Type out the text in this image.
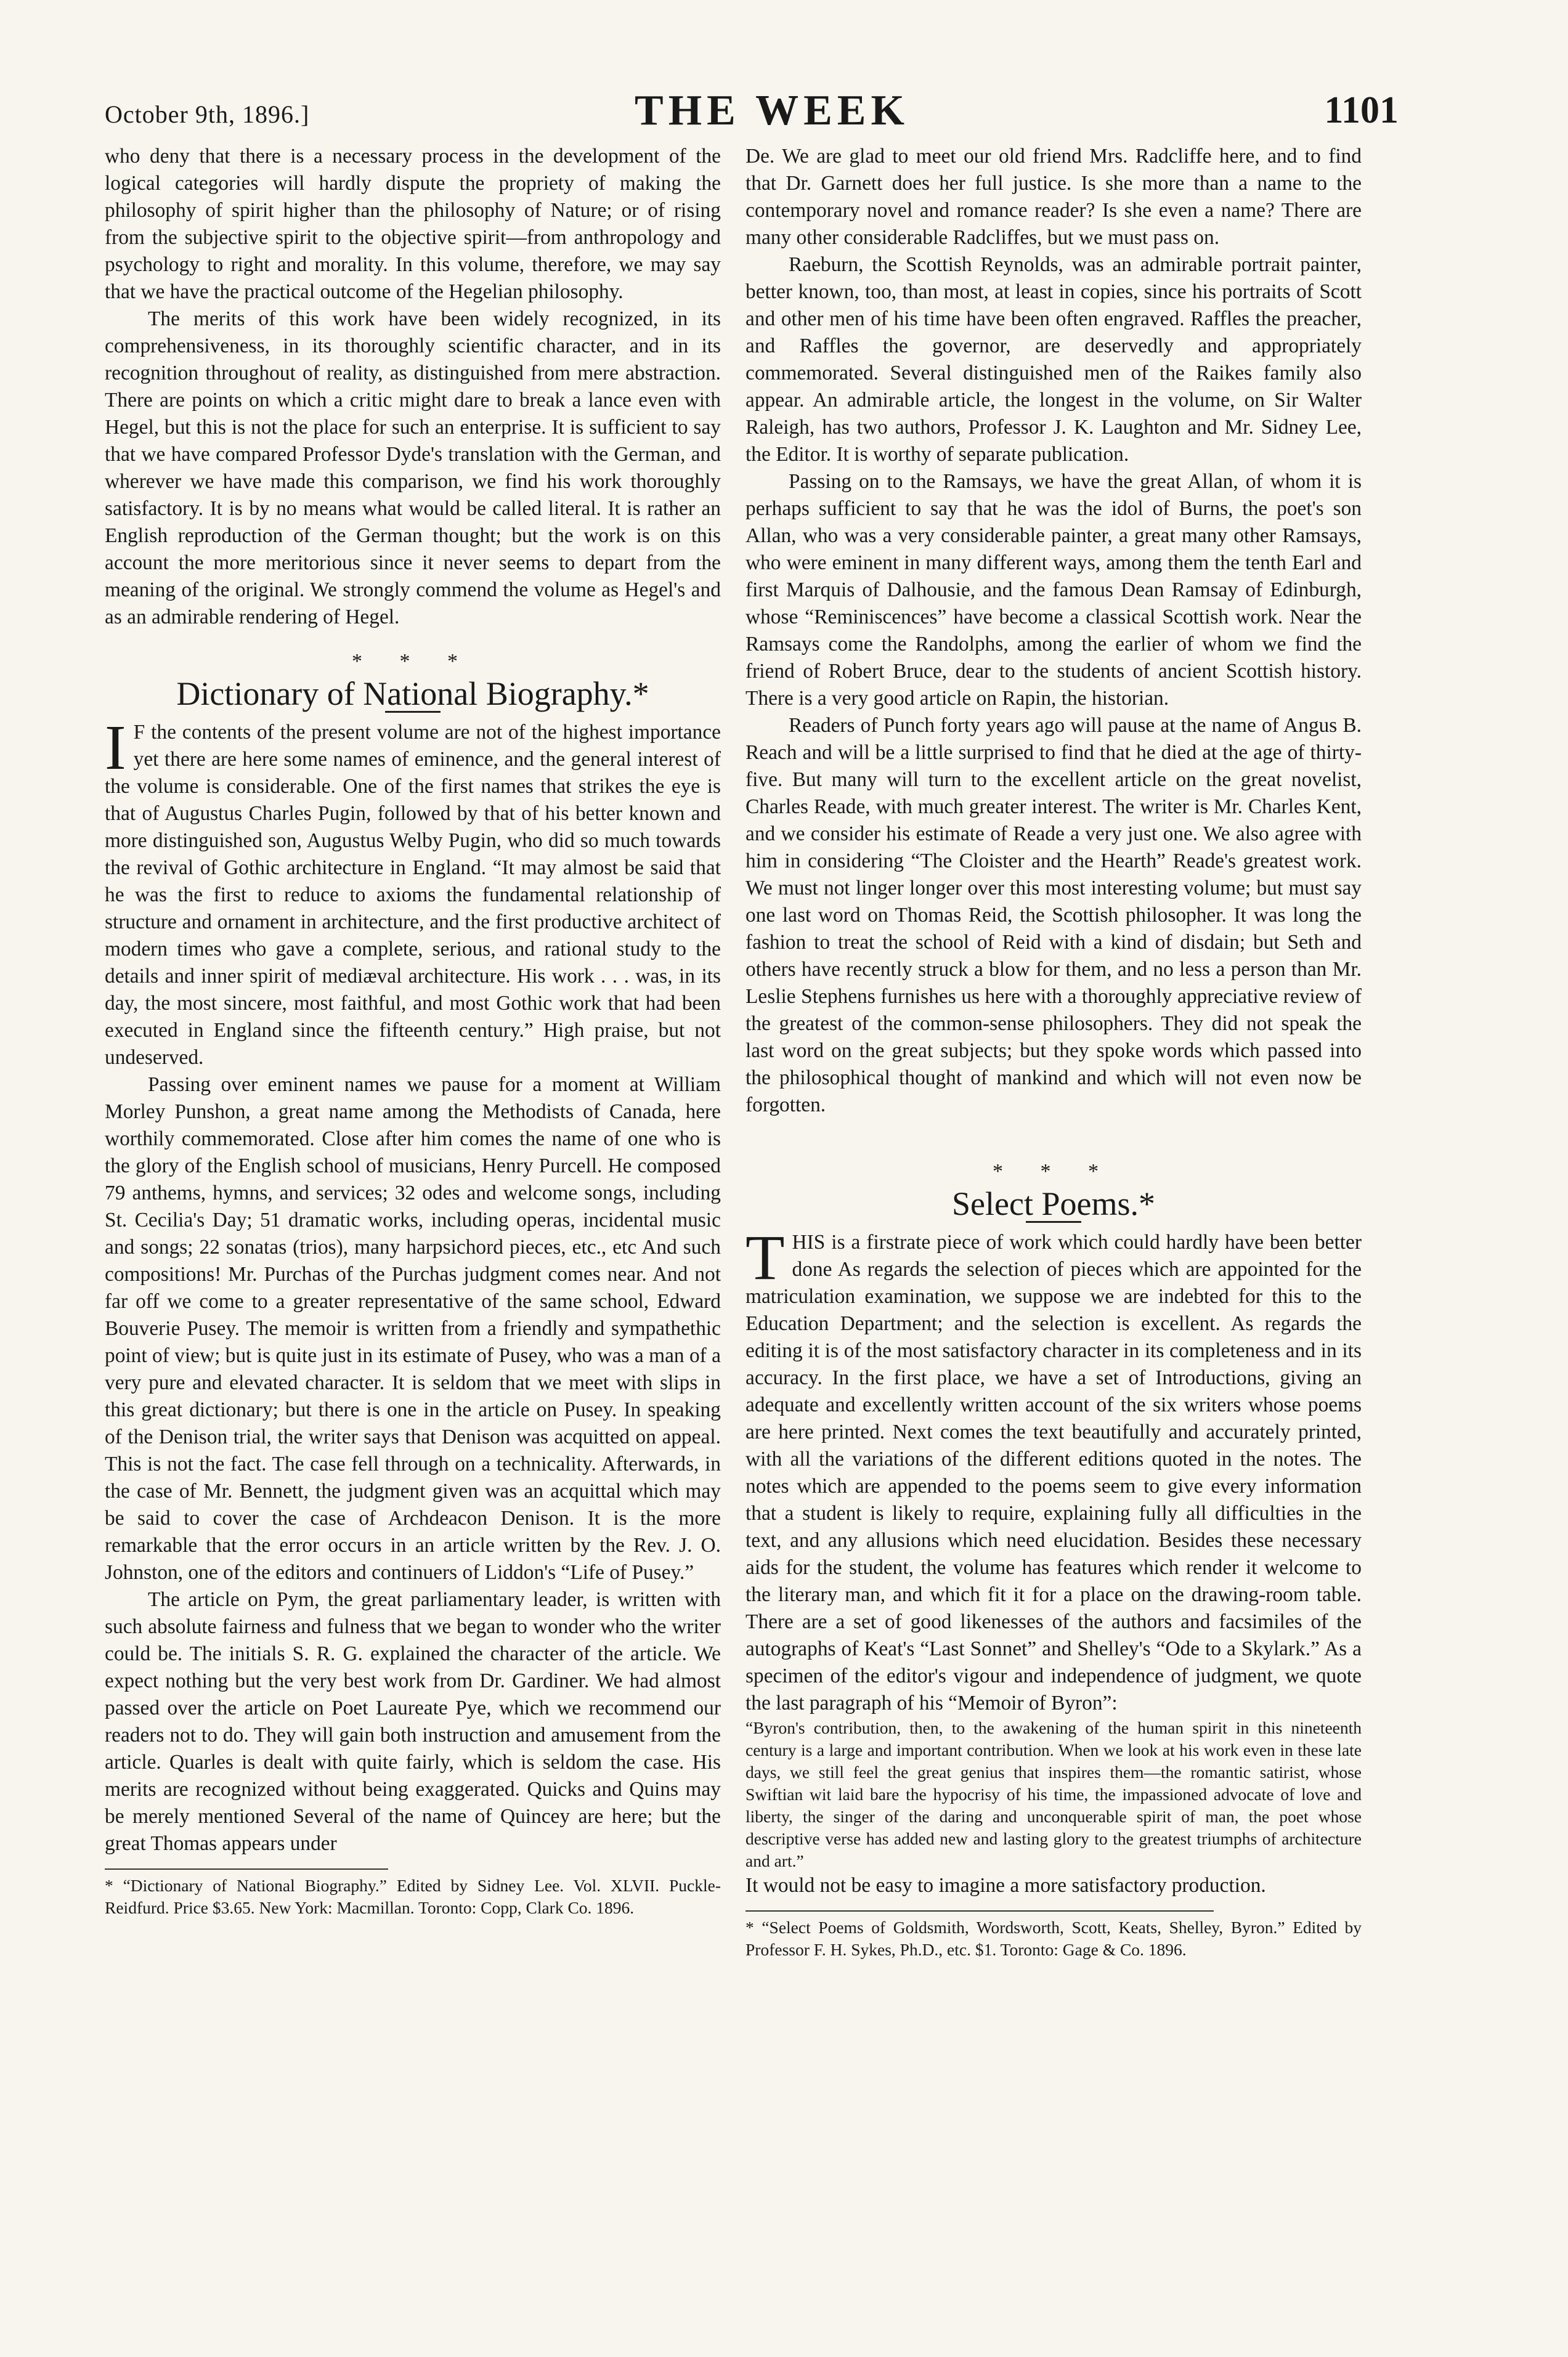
October 9th, 1896.]	THE WEEK	1101

who deny that there is a necessary process in the development of the logical categories will hardly dispute the propriety of making the philosophy of spirit higher than the philosophy of Nature; or of rising from the subjective spirit to the objective spirit—from anthropology and psychology to right and morality. In this volume, therefore, we may say that we have the practical outcome of the Hegelian philosophy.

The merits of this work have been widely recognized, in its comprehensiveness, in its thoroughly scientific character, and in its recognition throughout of reality, as distinguished from mere abstraction. There are points on which a critic might dare to break a lance even with Hegel, but this is not the place for such an enterprise. It is sufficient to say that we have compared Professor Dyde's translation with the German, and wherever we have made this comparison, we find his work thoroughly satisfactory. It is by no means what would be called literal. It is rather an English reproduction of the German thought; but the work is on this account the more meritorious since it never seems to depart from the meaning of the original. We strongly commend the volume as Hegel's and as an admirable rendering of Hegel.

* * *
Dictionary of National Biography.*

I F the contents of the present volume are not of the highest importance yet there are here some names of eminence, and the general interest of the volume is considerable. One of the first names that strikes the eye is that of Augustus Charles Pugin, followed by that of his better known and more distinguished son, Augustus Welby Pugin, who did so much towards the revival of Gothic architecture in England. “It may almost be said that he was the first to reduce to axioms the fundamental relationship of structure and ornament in architecture, and the first productive architect of modern times who gave a complete, serious, and rational study to the details and inner spirit of mediæval architecture. His work . . . was, in its day, the most sincere, most faithful, and most Gothic work that had been executed in England since the fifteenth century.” High praise, but not undeserved.

Passing over eminent names we pause for a moment at William Morley Punshon, a great name among the Methodists of Canada, here worthily commemorated. Close after him comes the name of one who is the glory of the English school of musicians, Henry Purcell. He composed 79 anthems, hymns, and services; 32 odes and welcome songs, including St. Cecilia's Day; 51 dramatic works, including operas, incidental music and songs; 22 sonatas (trios), many harpsichord pieces, etc., etc And such compositions! Mr. Purchas of the Purchas judgment comes near. And not far off we come to a greater representative of the same school, Edward Bouverie Pusey. The memoir is written from a friendly and sympathethic point of view; but is quite just in its estimate of Pusey, who was a man of a very pure and elevated character. It is seldom that we meet with slips in this great dictionary; but there is one in the article on Pusey. In speaking of the Denison trial, the writer says that Denison was acquitted on appeal. This is not the fact. The case fell through on a technicality. Afterwards, in the case of Mr. Bennett, the judgment given was an acquittal which may be said to cover the case of Archdeacon Denison. It is the more remarkable that the error occurs in an article written by the Rev. J. O. Johnston, one of the editors and continuers of Liddon's “Life of Pusey.”

The article on Pym, the great parliamentary leader, is written with such absolute fairness and fulness that we began to wonder who the writer could be. The initials S. R. G. explained the character of the article. We expect nothing but the very best work from Dr. Gardiner. We had almost passed over the article on Poet Laureate Pye, which we recommend our readers not to do. They will gain both instruction and amusement from the article. Quarles is dealt with quite fairly, which is seldom the case. His merits are recognized without being exaggerated. Quicks and Quins may be merely mentioned Several of the name of Quincey are here; but the great Thomas appears under

* “Dictionary of National Biography.” Edited by Sidney Lee. Vol. XLVII. Puckle-Reidfurd. Price $3.65. New York: Macmillan. Toronto: Copp, Clark Co. 1896.

De. We are glad to meet our old friend Mrs. Radcliffe here, and to find that Dr. Garnett does her full justice. Is she more than a name to the contemporary novel and romance reader? Is she even a name? There are many other considerable Radcliffes, but we must pass on.

Raeburn, the Scottish Reynolds, was an admirable portrait painter, better known, too, than most, at least in copies, since his portraits of Scott and other men of his time have been often engraved. Raffles the preacher, and Raffles the governor, are deservedly and appropriately commemorated. Several distinguished men of the Raikes family also appear. An admirable article, the longest in the volume, on Sir Walter Raleigh, has two authors, Professor J. K. Laughton and Mr. Sidney Lee, the Editor. It is worthy of separate publication.

Passing on to the Ramsays, we have the great Allan, of whom it is perhaps sufficient to say that he was the idol of Burns, the poet's son Allan, who was a very considerable painter, a great many other Ramsays, who were eminent in many different ways, among them the tenth Earl and first Marquis of Dalhousie, and the famous Dean Ramsay of Edinburgh, whose “Reminiscences” have become a classical Scottish work. Near the Ramsays come the Randolphs, among the earlier of whom we find the friend of Robert Bruce, dear to the students of ancient Scottish history. There is a very good article on Rapin, the historian.

Readers of Punch forty years ago will pause at the name of Angus B. Reach and will be a little surprised to find that he died at the age of thirty-five. But many will turn to the excellent article on the great novelist, Charles Reade, with much greater interest. The writer is Mr. Charles Kent, and we consider his estimate of Reade a very just one. We also agree with him in considering “The Cloister and the Hearth” Reade's greatest work. We must not linger longer over this most interesting volume; but must say one last word on Thomas Reid, the Scottish philosopher. It was long the fashion to treat the school of Reid with a kind of disdain; but Seth and others have recently struck a blow for them, and no less a person than Mr. Leslie Stephens furnishes us here with a thoroughly appreciative review of the greatest of the common-sense philosophers. They did not speak the last word on the great subjects; but they spoke words which passed into the philosophical thought of mankind and which will not even now be forgotten.

* * *
Select Poems.*

THIS is a firstrate piece of work which could hardly have been better done As regards the selection of pieces which are appointed for the matriculation examination, we suppose we are indebted for this to the Education Department; and the selection is excellent. As regards the editing it is of the most satisfactory character in its completeness and in its accuracy. In the first place, we have a set of Introductions, giving an adequate and excellently written account of the six writers whose poems are here printed. Next comes the text beautifully and accurately printed, with all the variations of the different editions quoted in the notes. The notes which are appended to the poems seem to give every information that a student is likely to require, explaining fully all difficulties in the text, and any allusions which need elucidation. Besides these necessary aids for the student, the volume has features which render it welcome to the literary man, and which fit it for a place on the drawing-room table. There are a set of good likenesses of the authors and facsimiles of the autographs of Keat's “Last Sonnet” and Shelley's “Ode to a Skylark.” As a specimen of the editor's vigour and independence of judgment, we quote the last paragraph of his “Memoir of Byron”:

“Byron's contribution, then, to the awakening of the human spirit in this nineteenth century is a large and important contribution. When we look at his work even in these late days, we still feel the great genius that inspires them—the romantic satirist, whose Swiftian wit laid bare the hypocrisy of his time, the impassioned advocate of love and liberty, the singer of the daring and unconquerable spirit of man, the poet whose descriptive verse has added new and lasting glory to the greatest triumphs of architecture and art.”

It would not be easy to imagine a more satisfactory production.

* “Select Poems of Goldsmith, Wordsworth, Scott, Keats, Shelley, Byron.” Edited by Professor F. H. Sykes, Ph.D., etc. $1. Toronto: Gage & Co. 1896.
